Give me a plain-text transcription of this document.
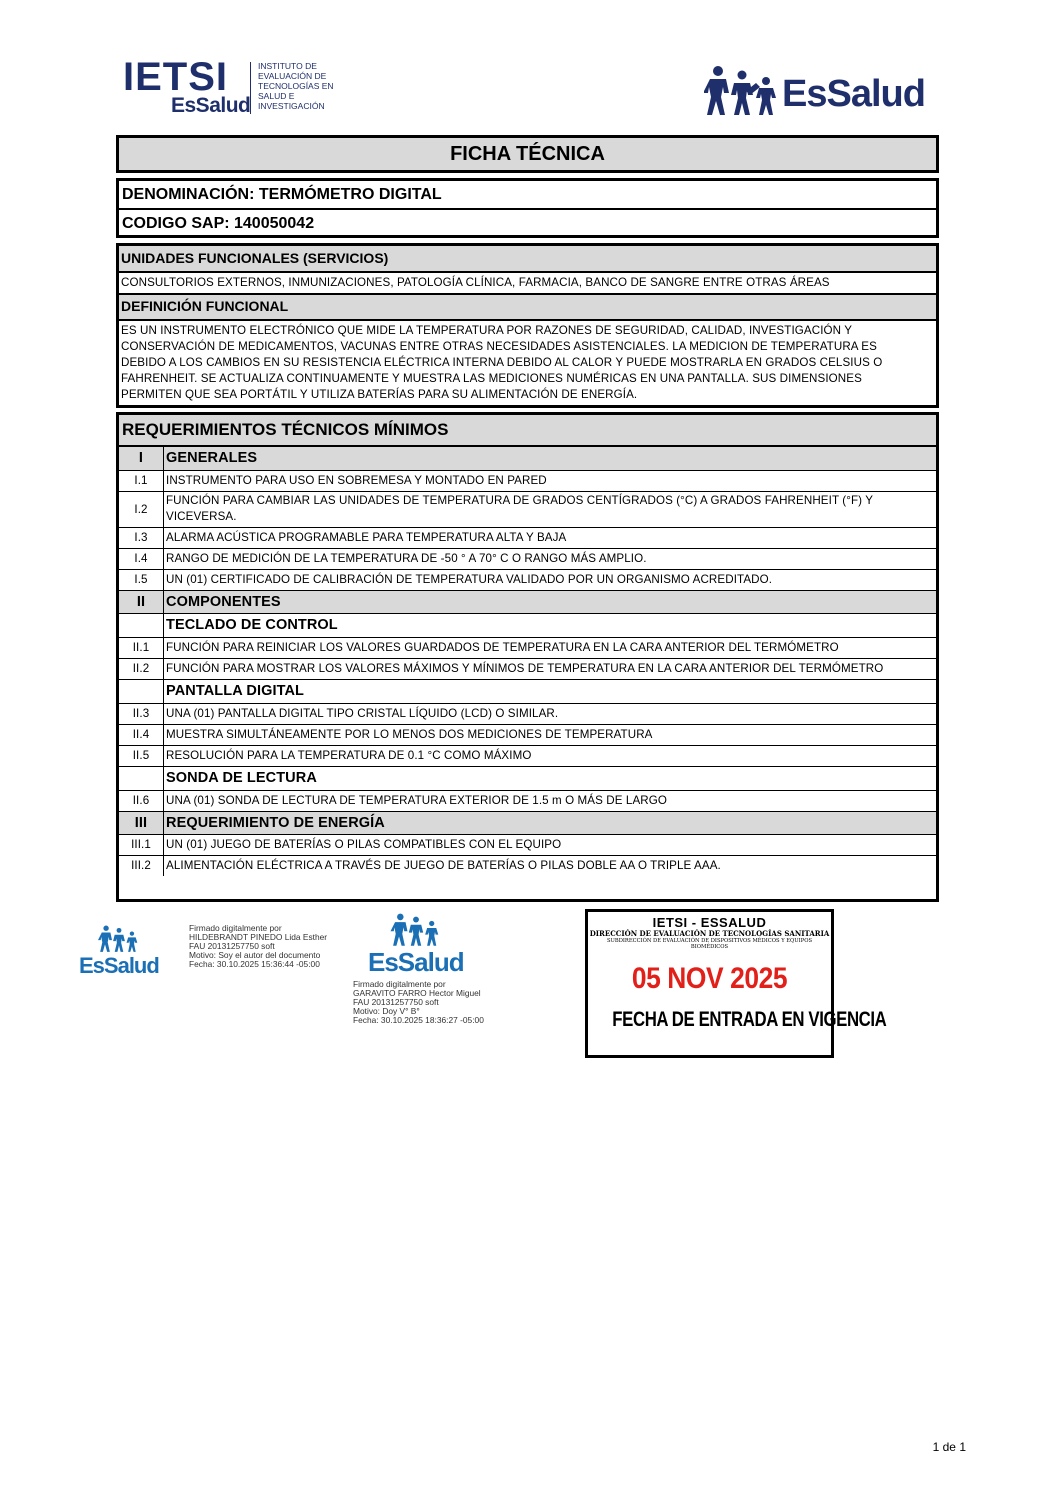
IETSI
EsSalud
INSTITUTO DE EVALUACIÓN DE TECNOLOGÍAS EN SALUD E INVESTIGACIÓN	EsSalud
FICHA TÉCNICA
DENOMINACIÓN: TERMÓMETRO DIGITAL
CODIGO SAP: 140050042
UNIDADES FUNCIONALES (SERVICIOS)
CONSULTORIOS EXTERNOS, INMUNIZACIONES, PATOLOGÍA CLÍNICA, FARMACIA, BANCO DE SANGRE ENTRE OTRAS ÁREAS
DEFINICIÓN FUNCIONAL
ES UN INSTRUMENTO ELECTRÓNICO QUE MIDE LA TEMPERATURA POR RAZONES DE SEGURIDAD, CALIDAD, INVESTIGACIÓN Y
CONSERVACIÓN DE MEDICAMENTOS, VACUNAS ENTRE OTRAS NECESIDADES ASISTENCIALES. LA MEDICION DE TEMPERATURA ES
DEBIDO A LOS CAMBIOS EN SU RESISTENCIA ELÉCTRICA INTERNA DEBIDO AL CALOR Y PUEDE MOSTRARLA EN GRADOS CELSIUS O
FAHRENHEIT. SE ACTUALIZA CONTINUAMENTE Y MUESTRA LAS MEDICIONES NUMÉRICAS EN UNA PANTALLA. SUS DIMENSIONES
PERMITEN QUE SEA PORTÁTIL Y UTILIZA BATERÍAS PARA SU ALIMENTACIÓN DE ENERGÍA.
REQUERIMIENTOS TÉCNICOS MÍNIMOS
I	GENERALES
I.1	INSTRUMENTO PARA USO EN SOBREMESA Y MONTADO EN PARED
I.2	FUNCIÓN PARA CAMBIAR LAS UNIDADES DE TEMPERATURA DE GRADOS CENTÍGRADOS (°C) A GRADOS FAHRENHEIT (°F) Y VICEVERSA.
I.3	ALARMA ACÚSTICA PROGRAMABLE PARA TEMPERATURA ALTA Y BAJA
I.4	RANGO DE MEDICIÓN DE LA TEMPERATURA DE -50 ° A 70° C O RANGO MÁS AMPLIO.
I.5	UN (01) CERTIFICADO DE CALIBRACIÓN DE TEMPERATURA VALIDADO POR UN ORGANISMO ACREDITADO.
II	COMPONENTES
	TECLADO DE CONTROL
II.1	FUNCIÓN PARA REINICIAR LOS VALORES GUARDADOS DE TEMPERATURA EN LA CARA ANTERIOR DEL TERMÓMETRO
II.2	FUNCIÓN PARA MOSTRAR LOS VALORES MÁXIMOS Y MÍNIMOS DE TEMPERATURA EN LA CARA ANTERIOR DEL TERMÓMETRO
	PANTALLA DIGITAL
II.3	UNA (01) PANTALLA DIGITAL TIPO CRISTAL LÍQUIDO (LCD) O SIMILAR.
II.4	MUESTRA SIMULTÁNEAMENTE POR LO MENOS DOS MEDICIONES DE TEMPERATURA
II.5	RESOLUCIÓN PARA LA TEMPERATURA DE 0.1 °C COMO MÁXIMO
	SONDA DE LECTURA
II.6	UNA (01) SONDA DE LECTURA DE TEMPERATURA EXTERIOR DE 1.5 m O MÁS DE LARGO
III	REQUERIMIENTO DE ENERGÍA
III.1	UN (01) JUEGO DE BATERÍAS O PILAS COMPATIBLES CON EL EQUIPO
III.2	ALIMENTACIÓN ELÉCTRICA A TRAVÉS DE JUEGO DE BATERÍAS O PILAS DOBLE AA O TRIPLE AAA.
EsSalud
Firmado digitalmente por
HILDEBRANDT PINEDO Lida Esther
FAU 20131257750 soft
Motivo: Soy el autor del documento
Fecha: 30.10.2025 15:36:44 -05:00	EsSalud
Firmado digitalmente por
GARAVITO FARRO Hector Miguel
FAU 20131257750 soft
Motivo: Doy V° B°
Fecha: 30.10.2025 18:36:27 -05:00
IETSI - ESSALUD
DIRECCIÓN DE EVALUACIÓN DE TECNOLOGÍAS SANITARIA
SUBDIRECCIÓN DE EVALUACIÓN DE DISPOSITIVOS MÉDICOS Y EQUIPOS BIOMÉDICOS
05 NOV 2025
FECHA DE ENTRADA EN VIGENCIA
1 de 1
